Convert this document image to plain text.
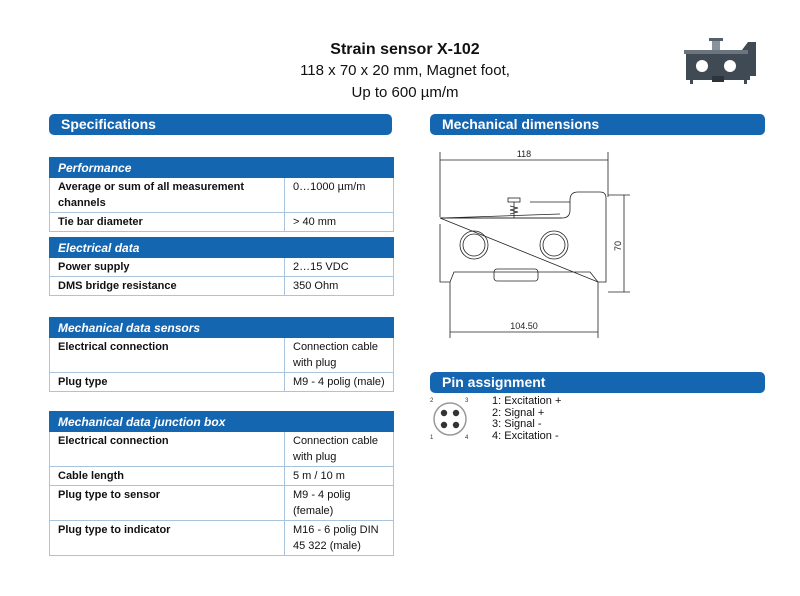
Strain sensor X-102
118 x 70 x 20 mm, Magnet foot,
Up to 600 µm/m
Specifications	Mechanical dimensions
Pin assignment
Performance	
Average or sum of all measurement channels	0…1000 µm/m
Tie bar diameter	> 40 mm
Electrical data	
Power supply	2…15 VDC
DMS bridge resistance	350 Ohm
Mechanical data sensors	
Electrical connection	Connection cable with plug
Plug type	M9 - 4 polig (male)
Mechanical data junction box	
Electrical connection	Connection cable with plug
Cable length	5 m / 10 m
Plug type to sensor	M9 - 4 polig (female)
Plug type to indicator	M16 - 6 polig DIN 45 322 (male)
118
70
104.50
2	3
1	4
1: Excitation +
2: Signal +
3: Signal -
4: Excitation -
